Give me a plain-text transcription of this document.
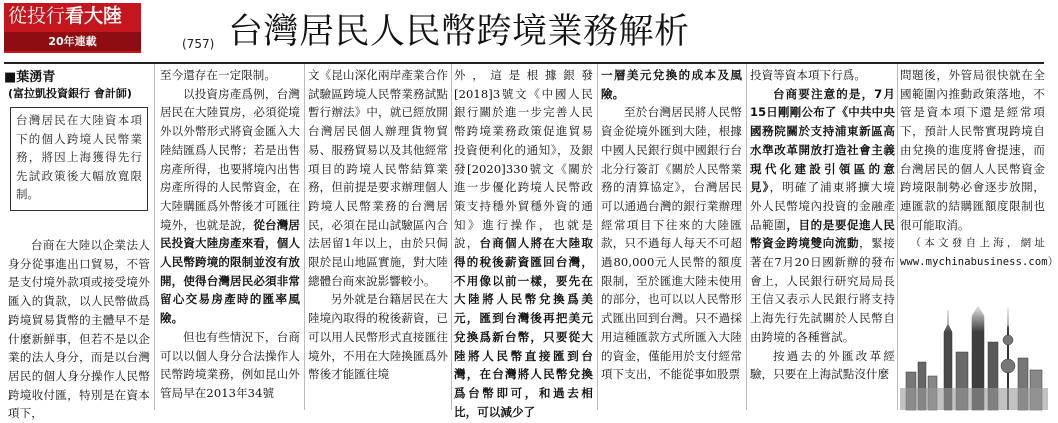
從投行看大陸
20年連載	(757) 台灣居民人民幣跨境業務解析
■葉湧青
(富拉凱投資銀行 會計師)
台灣居民在大陸資本項下的個人跨境人民幣業務，將因上海獲得先行先試政策後大幅放寬限制。

台商在大陸以企業法人身分從事進出口貿易，不管是支付境外款項或接受境外匯入的貨款，以人民幣做爲跨境貿易貨幣的主體早不是什麼新鮮事，但若不是以企業的法人身分，而是以台灣居民的個人身分操作人民幣跨境收付匯，特別是在資本項下，

至今還存在一定限制。

以投資房產爲例，台灣居民在大陸買房，必須從境外以外幣形式將資金匯入大陸結匯爲人民幣；若是出售房產所得，也要將境內出售房產所得的人民幣資金，在大陸購匯爲外幣後才可匯往境外，也就是說，從台灣居民投資大陸房產來看，個人人民幣跨境的限制並沒有放開，使得台灣居民必須非常留心交易房產時的匯率風險。

但也有些情況下，台商可以以個人身分合法操作人民幣跨境業務，例如昆山外管局早在2013年34號

文《昆山深化兩岸產業合作試驗區跨境人民幣業務試點暫行辦法》中，就已經放開台灣居民個人辦理貨物貿易、服務貿易以及其他經常項目的跨境人民幣結算業務，但前提是要求辦理個人跨境人民幣業務的台灣居民，必須在昆山試驗區內合法居留1年以上，由於只侷限於昆山地區實施，對大陸總體台商來說影響較小。

另外就是台籍居民在大陸境內取得的稅後薪資，已可以用人民幣形式直接匯往境外，不用在大陸換匯爲外幣後才能匯往境

外，這是根據銀發[2018]3號文《中國人民銀行關於進一步完善人民幣跨境業務政策促進貿易投資便利化的通知》，及銀發[2020]330號文《關於進一步優化跨境人民幣政策支持穩外貿穩外資的通知》進行操作，也就是說，台商個人將在大陸取得的稅後薪資匯回台灣，不用像以前一樣，要先在大陸將人民幣兌換爲美元，匯到台灣後再把美元兌換爲新台幣，只要從大陸將人民幣直接匯到台灣，在台灣將人民幣兌換爲台幣即可，和過去相比，可以減少了

一層美元兌換的成本及風險。

至於台灣居民將人民幣資金從境外匯到大陸，根據中國人民銀行與中國銀行台北分行簽訂《關於人民幣業務的清算協定》，台灣居民可以通過台灣的銀行業辦理經常項目下往來的大陸匯款，只不過每人每天不可超過80,000元人民幣的額度限制，至於匯進大陸未使用的部分，也可以以人民幣形式匯出回到台灣。只不過採用這種匯款方式所匯入大陸的資金，僅能用於支付經常項下支出，不能從事如股票

投資等資本項下行爲。

台商要注意的是，7月15日剛剛公布了《中共中央國務院關於支持浦東新區高水準改革開放打造社會主義現代化建設引領區的意見》，明確了浦東將擴大境外人民幣境內投資的金融產品範圍，目的是要促進人民幣資金跨境雙向流動，緊接著在7月20日國新辦的發布會上，人民銀行研究局局長王信又表示人民銀行將支持上海先行先試關於人民幣自由跨境的各種嘗試。

按過去的外匯改革經驗，只要在上海試點沒什麼

問題後，外管局很快就在全國範圍內推動政策落地，不管是資本項下還是經常項下，預計人民幣實現跨境自由兌換的進度將會提速，而台灣居民的個人人民幣資金跨境限制勢必會逐步放開，連匯款的結購匯額度限制也很可能取消。

（本文發自上海，網址www.mychinabusiness.com）
